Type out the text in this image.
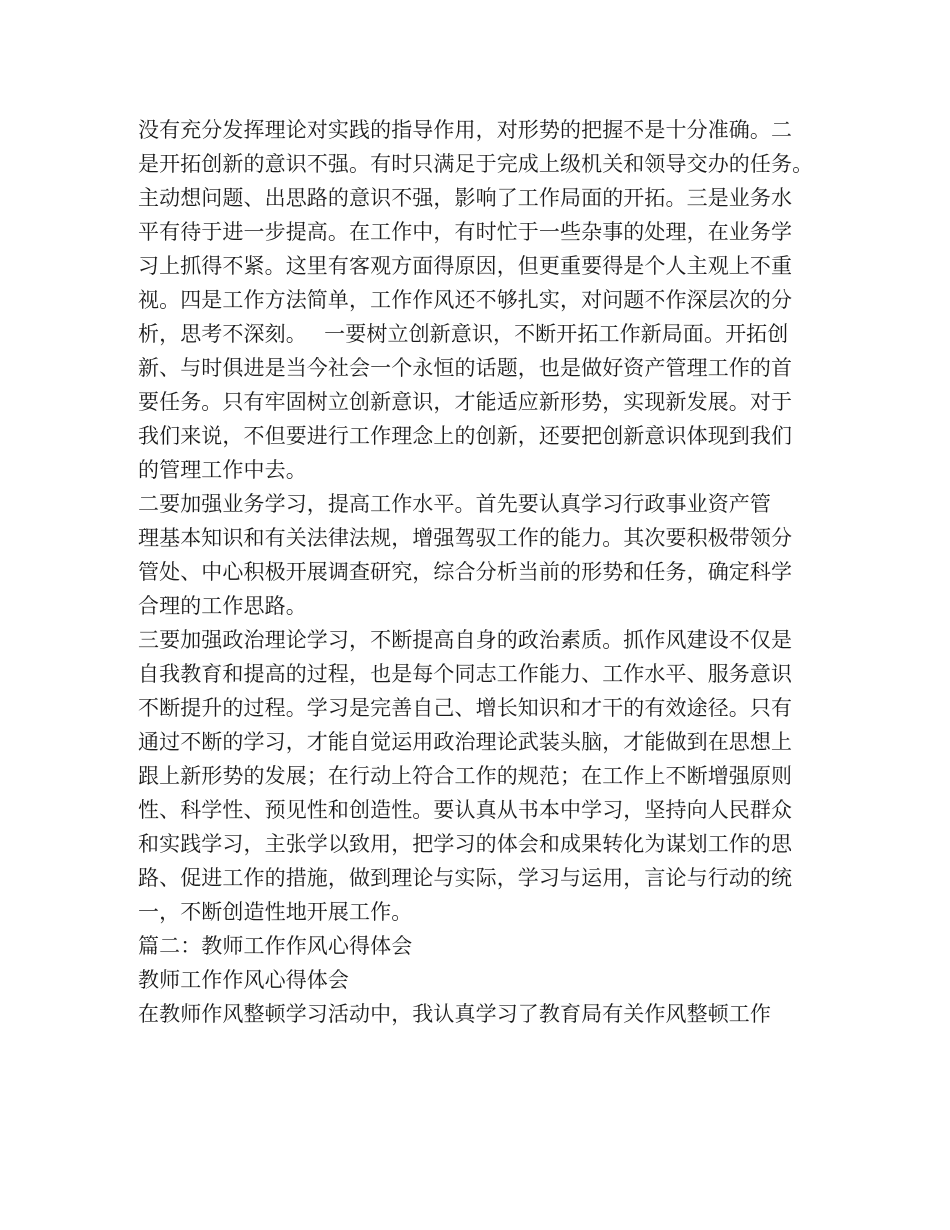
没有充分发挥理论对实践的指导作用，对形势的把握不是十分准确。二
是开拓创新的意识不强。有时只满足于完成上级机关和领导交办的任务。
主动想问题、出思路的意识不强，影响了工作局面的开拓。三是业务水
平有待于进一步提高。在工作中，有时忙于一些杂事的处理，在业务学
习上抓得不紧。这里有客观方面得原因，但更重要得是个人主观上不重
视。四是工作方法简单，工作作风还不够扎实，对问题不作深层次的分
析，思考不深刻。　 一要树立创新意识，不断开拓工作新局面。开拓创
新、与时俱进是当今社会一个永恒的话题，也是做好资产管理工作的首
要任务。只有牢固树立创新意识，才能适应新形势，实现新发展。对于
我们来说，不但要进行工作理念上的创新，还要把创新意识体现到我们
的管理工作中去。
二要加强业务学习，提高工作水平。首先要认真学习行政事业资产管
理基本知识和有关法律法规，增强驾驭工作的能力。其次要积极带领分
管处、中心积极开展调查研究，综合分析当前的形势和任务，确定科学
合理的工作思路。
三要加强政治理论学习，不断提高自身的政治素质。抓作风建设不仅是
自我教育和提高的过程，也是每个同志工作能力、工作水平、服务意识
不断提升的过程。学习是完善自己、增长知识和才干的有效途径。只有
通过不断的学习，才能自觉运用政治理论武装头脑，才能做到在思想上
跟上新形势的发展；在行动上符合工作的规范；在工作上不断增强原则
性、科学性、预见性和创造性。要认真从书本中学习，坚持向人民群众
和实践学习，主张学以致用，把学习的体会和成果转化为谋划工作的思
路、促进工作的措施，做到理论与实际，学习与运用，言论与行动的统
一，不断创造性地开展工作。
篇二：教师工作作风心得体会
教师工作作风心得体会
在教师作风整顿学习活动中，我认真学习了教育局有关作风整顿工作
